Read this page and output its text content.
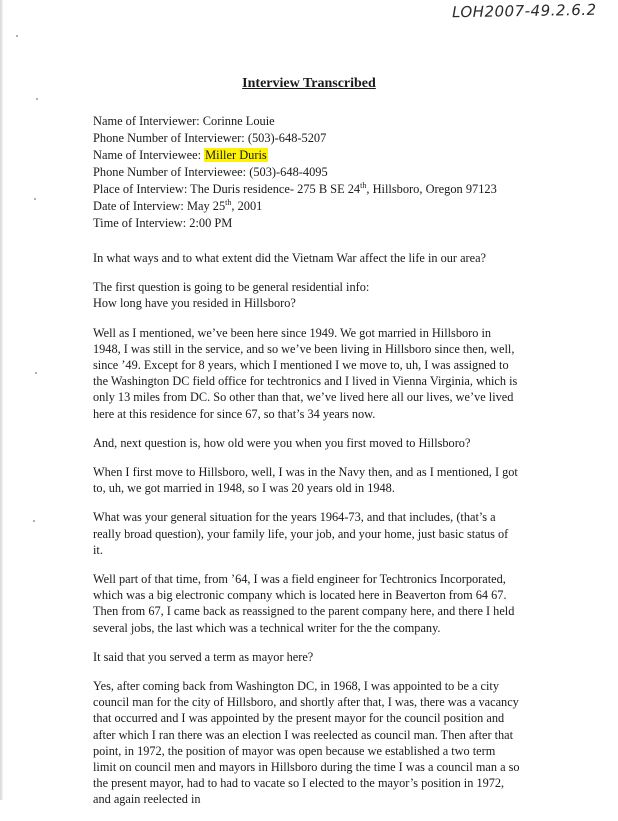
LOH2007-49.2.6.2
Interview Transcribed
Name of Interviewer: Corinne Louie
Phone Number of Interviewer: (503)-648-5207
Name of Interviewee: Miller Duris
Phone Number of Interviewee: (503)-648-4095
Place of Interview: The Duris residence- 275 B SE 24th, Hillsboro, Oregon 97123
Date of Interview: May 25th, 2001
Time of Interview: 2:00 PM

In what ways and to what extent did the Vietnam War affect the life in our area?

The first question is going to be general residential info:
How long have you resided in Hillsboro?

Well as I mentioned, we’ve been here since 1949. We got married in Hillsboro in 1948, I was still in the service, and so we’ve been living in Hillsboro since then, well, since ’49. Except for 8 years, which I mentioned I we move to, uh, I was assigned to the Washington DC field office for techtronics and I lived in Vienna Virginia, which is only 13 miles from DC. So other than that, we’ve lived here all our lives, we’ve lived here at this residence for since 67, so that’s 34 years now.

And, next question is, how old were you when you first moved to Hillsboro?

When I first move to Hillsboro, well, I was in the Navy then, and as I mentioned, I got to, uh, we got married in 1948, so I was 20 years old in 1948.

What was your general situation for the years 1964-73, and that includes, (that’s a really broad question), your family life, your job, and your home, just basic status of it.

Well part of that time, from ’64, I was a field engineer for Techtronics Incorporated, which was a big electronic company which is located here in Beaverton from 64 67. Then from 67, I came back as reassigned to the parent company here, and there I held several jobs, the last which was a technical writer for the the company.

It said that you served a term as mayor here?

Yes, after coming back from Washington DC, in 1968, I was appointed to be a city council man for the city of Hillsboro, and shortly after that, I was, there was a vacancy that occurred and I was appointed by the present mayor for the council position and after which I ran there was an election I was reelected as council man. Then after that point, in 1972, the position of mayor was open because we established a two term limit on council men and mayors in Hillsboro during the time I was a council man a so the present mayor, had to had to vacate so I elected to the mayor’s position in 1972, and again reelected in
